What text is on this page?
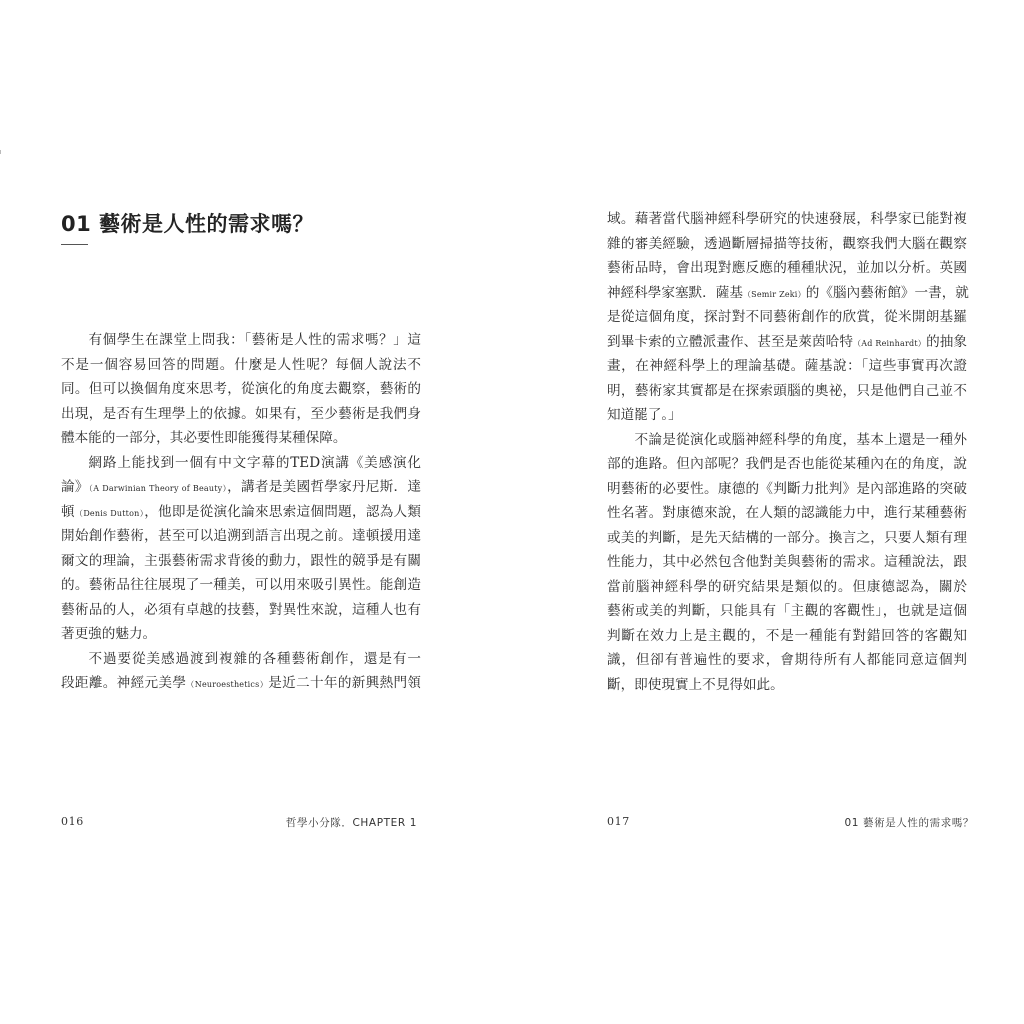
01 藝術是人性的需求嗎？
有個學生在課堂上問我：「藝術是人性的需求嗎？」這
不是一個容易回答的問題。什麼是人性呢？每個人說法不
同。但可以換個角度來思考，從演化的角度去觀察，藝術的
出現，是否有生理學上的依據。如果有，至少藝術是我們身
體本能的一部分，其必要性即能獲得某種保障。
網路上能找到一個有中文字幕的TED演講《美感演化
論》（A Darwinian Theory of Beauty），講者是美國哲學家丹尼斯．達
頓（Denis Dutton），他即是從演化論來思索這個問題，認為人類
開始創作藝術，甚至可以追溯到語言出現之前。達頓援用達
爾文的理論，主張藝術需求背後的動力，跟性的競爭是有關
的。藝術品往往展現了一種美，可以用來吸引異性。能創造
藝術品的人，必須有卓越的技藝，對異性來說，這種人也有
著更強的魅力。
不過要從美感過渡到複雜的各種藝術創作，還是有一
段距離。神經元美學（Neuroesthetics）是近二十年的新興熱門領
016	哲學小分隊．CHAPTER 1
域。藉著當代腦神經科學研究的快速發展，科學家已能對複
雜的審美經驗，透過斷層掃描等技術，觀察我們大腦在觀察
藝術品時，會出現對應反應的種種狀況，並加以分析。英國
神經科學家塞默．薩基（Semir Zeki）的《腦內藝術館》一書，就
是從這個角度，探討對不同藝術創作的欣賞，從米開朗基羅
到畢卡索的立體派畫作、甚至是萊茵哈特（Ad Reinhardt）的抽象
畫，在神經科學上的理論基礎。薩基說：「這些事實再次證
明，藝術家其實都是在探索頭腦的奧祕，只是他們自己並不
知道罷了。」
不論是從演化或腦神經科學的角度，基本上還是一種外
部的進路。但內部呢？我們是否也能從某種內在的角度，說
明藝術的必要性。康德的《判斷力批判》是內部進路的突破
性名著。對康德來說，在人類的認識能力中，進行某種藝術
或美的判斷，是先天結構的一部分。換言之，只要人類有理
性能力，其中必然包含他對美與藝術的需求。這種說法，跟
當前腦神經科學的研究結果是類似的。但康德認為，關於
藝術或美的判斷，只能具有「主觀的客觀性」，也就是這個
判斷在效力上是主觀的，不是一種能有對錯回答的客觀知
識，但卻有普遍性的要求，會期待所有人都能同意這個判
斷，即使現實上不見得如此。
017	01 藝術是人性的需求嗎？
